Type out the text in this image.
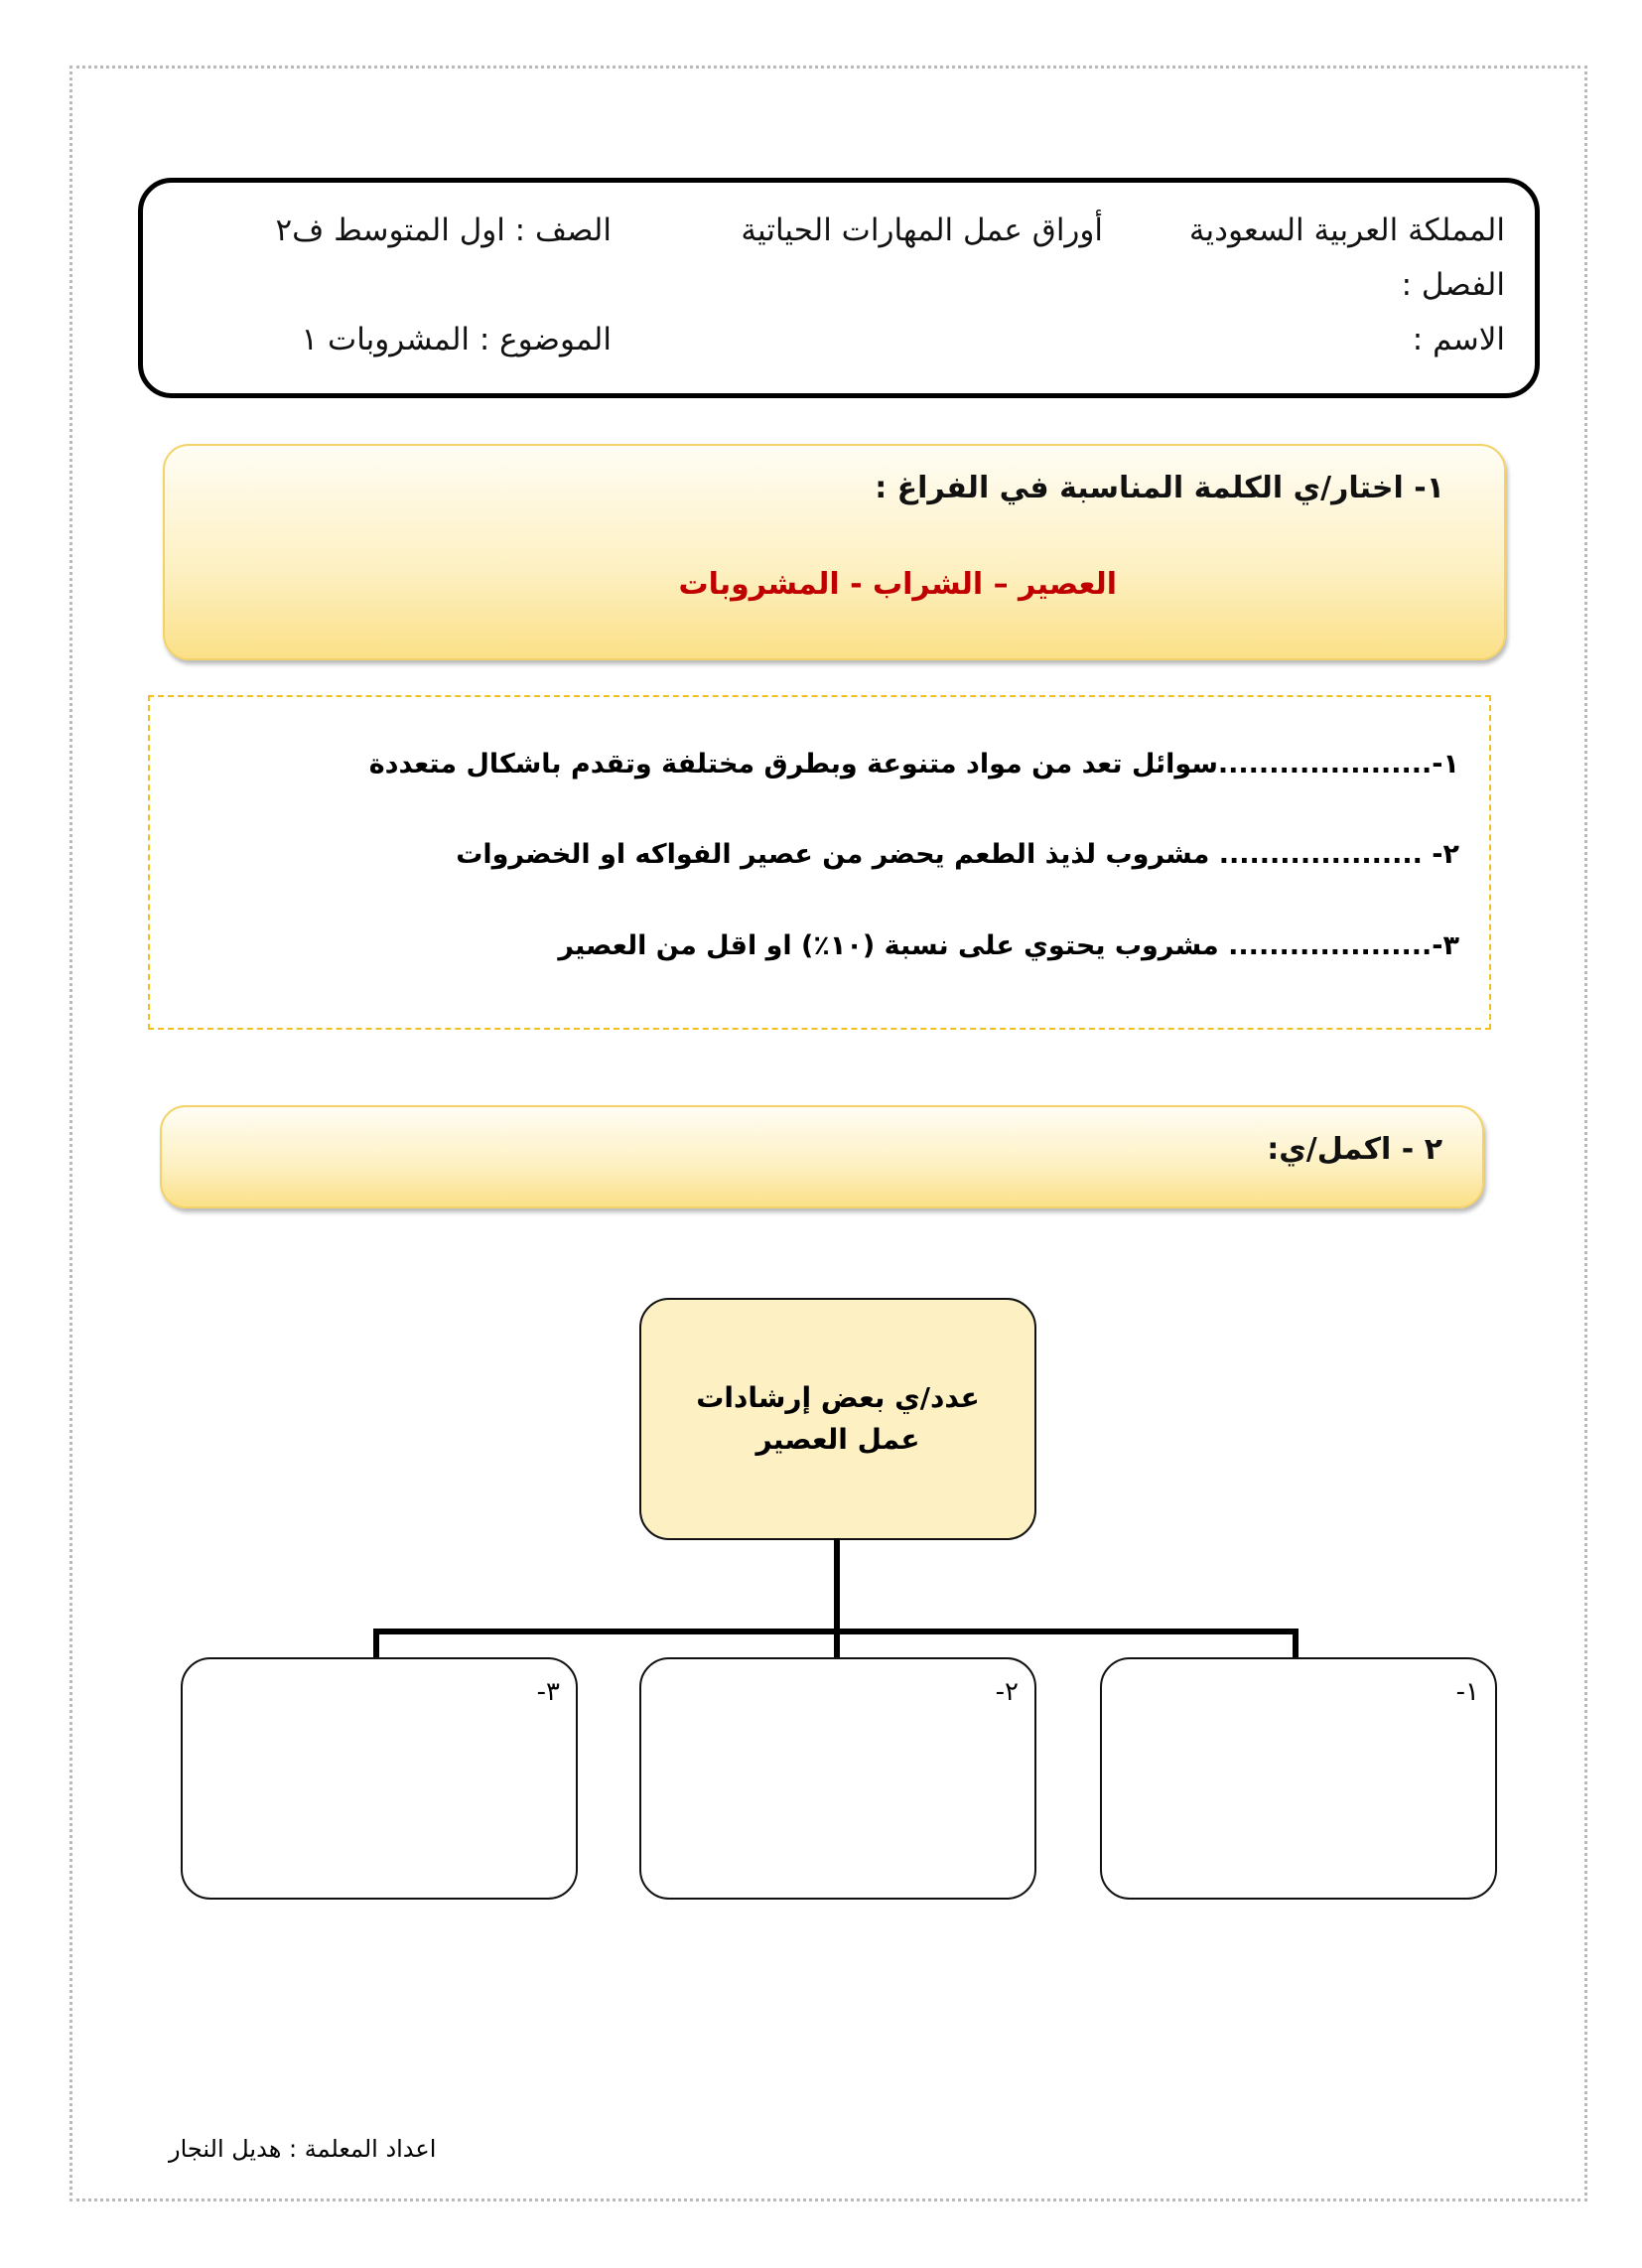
المملكة العربية السعودية
أوراق عمل المهارات الحياتية
الصف : اول المتوسط ف٢
الفصل :
الاسم :
الموضوع : المشروبات ١
١- اختار/ي الكلمة المناسبة في الفراغ :
العصير – الشراب - المشروبات
١-.....................سوائل تعد من مواد متنوعة وبطرق مختلفة وتقدم باشكال متعددة
٢- .................... مشروب لذيذ الطعم يحضر من عصير الفواكه او الخضروات
٣-.................... مشروب يحتوي على نسبة (١٠٪) او اقل من العصير
٢ - اكمل/ي:
عدد/ي بعض إرشادات عمل العصير
١-
٢-
٣-
اعداد المعلمة : هديل النجار
